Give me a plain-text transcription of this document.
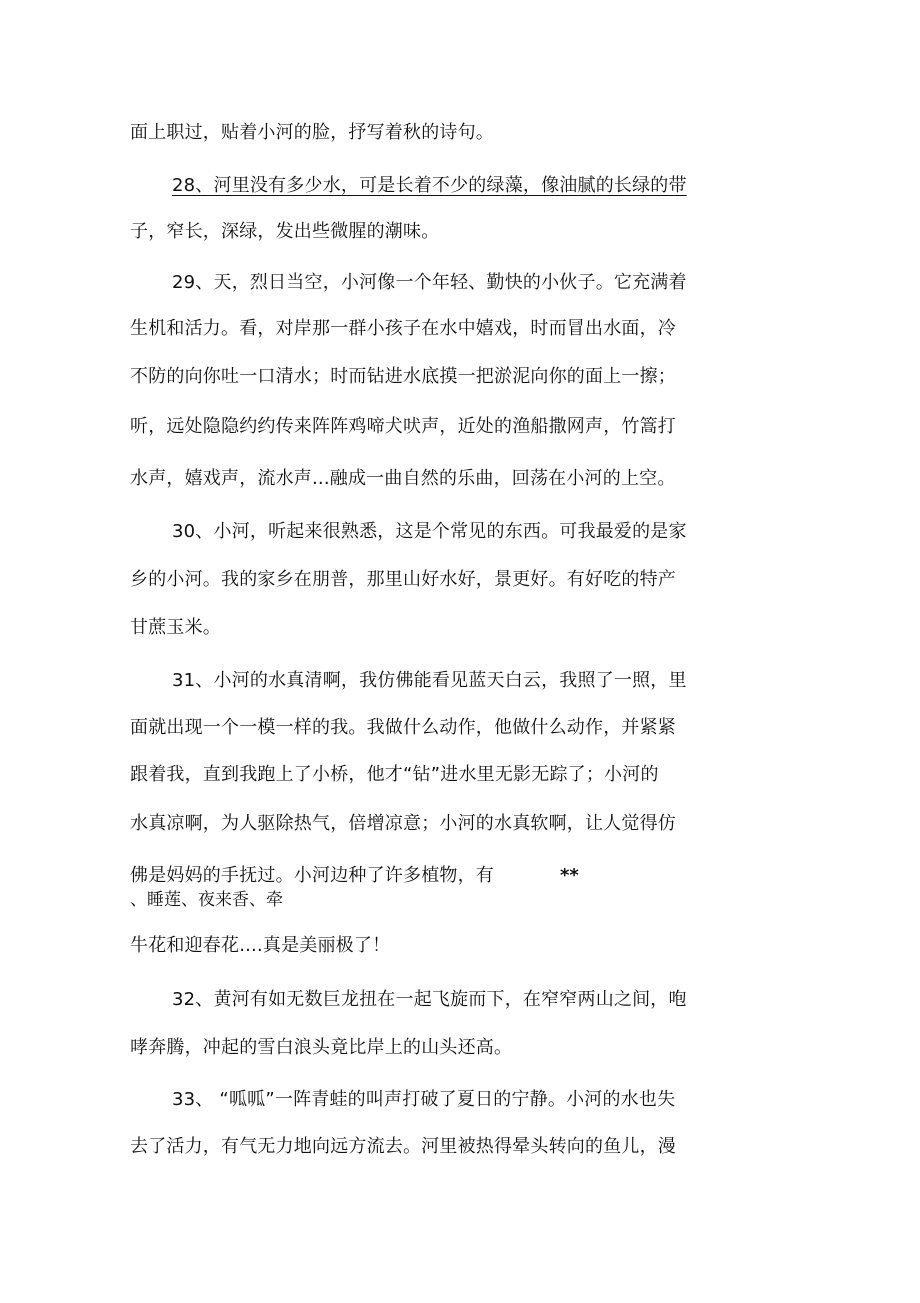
面上职过，贴着小河的脸，抒写着秋的诗句。
28、河里没有多少水，可是长着不少的绿藻，像油腻的长绿的带
子，窄长，深绿，发出些微腥的潮味。
29、天，烈日当空，小河像一个年轻、勤快的小伙子。它充满着
生机和活力。看，对岸那一群小孩子在水中嬉戏，时而冒出水面，冷
不防的向你吐一口清水；时而钻进水底摸一把淤泥向你的面上一擦；
听，远处隐隐约约传来阵阵鸡啼犬吠声，近处的渔船撒网声，竹篙打
水声，嬉戏声，流水声...融成一曲自然的乐曲，回荡在小河的上空。
30、小河，听起来很熟悉，这是个常见的东西。可我最爱的是家
乡的小河。我的家乡在朋普，那里山好水好，景更好。有好吃的特产
甘蔗玉米。
31、小河的水真清啊，我仿佛能看见蓝天白云，我照了一照，里
面就出现一个一模一样的我。我做什么动作，他做什么动作，并紧紧
跟着我，直到我跑上了小桥，他才“钻”进水里无影无踪了；小河的
水真凉啊，为人驱除热气，倍增凉意；小河的水真软啊，让人觉得仿
佛是妈妈的手抚过。小河边种了许多植物，有	**
、睡莲、夜来香、牵
牛花和迎春花....真是美丽极了！
32、黄河有如无数巨龙扭在一起飞旋而下，在窄窄两山之间，咆
哮奔腾，冲起的雪白浪头竟比岸上的山头还高。
33、 “呱呱”一阵青蛙的叫声打破了夏日的宁静。小河的水也失
去了活力，有气无力地向远方流去。河里被热得晕头转向的鱼儿，漫
